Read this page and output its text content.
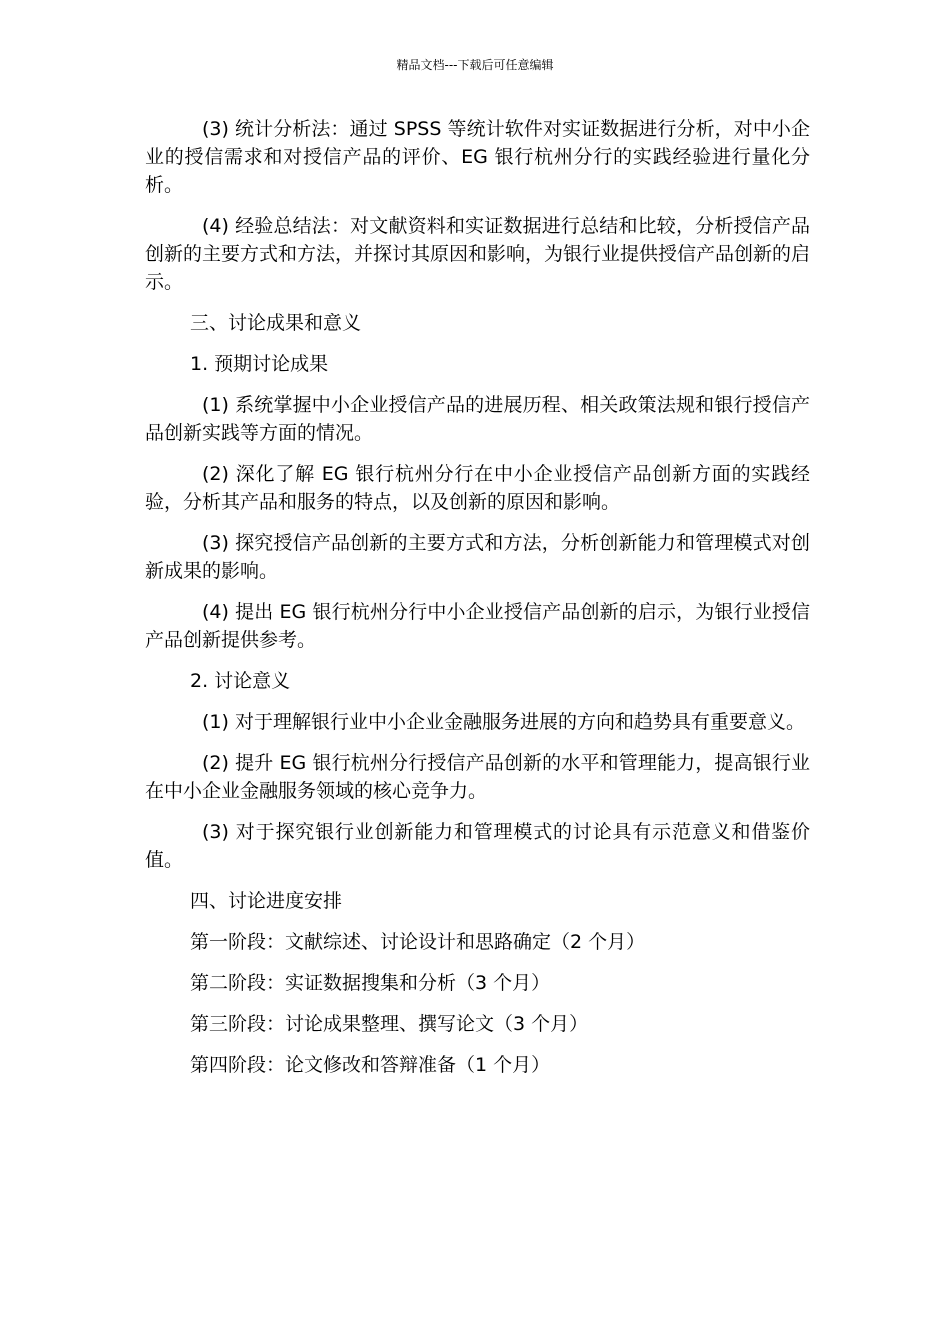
精品文档---下载后可任意编辑

(3) 统计分析法：通过 SPSS 等统计软件对实证数据进行分析，对中小企业的授信需求和对授信产品的评价、EG 银行杭州分行的实践经验进行量化分析。

(4) 经验总结法：对文献资料和实证数据进行总结和比较，分析授信产品创新的主要方式和方法，并探讨其原因和影响，为银行业提供授信产品创新的启示。

三、讨论成果和意义

1. 预期讨论成果

(1) 系统掌握中小企业授信产品的进展历程、相关政策法规和银行授信产品创新实践等方面的情况。

(2) 深化了解 EG 银行杭州分行在中小企业授信产品创新方面的实践经验，分析其产品和服务的特点，以及创新的原因和影响。

(3) 探究授信产品创新的主要方式和方法，分析创新能力和管理模式对创新成果的影响。

(4) 提出 EG 银行杭州分行中小企业授信产品创新的启示，为银行业授信产品创新提供参考。

2. 讨论意义

(1) 对于理解银行业中小企业金融服务进展的方向和趋势具有重要意义。

(2) 提升 EG 银行杭州分行授信产品创新的水平和管理能力，提高银行业在中小企业金融服务领域的核心竞争力。

(3) 对于探究银行业创新能力和管理模式的讨论具有示范意义和借鉴价值。

四、讨论进度安排

第一阶段：文献综述、讨论设计和思路确定（2 个月）

第二阶段：实证数据搜集和分析（3 个月）

第三阶段：讨论成果整理、撰写论文（3 个月）

第四阶段：论文修改和答辩准备（1 个月）
